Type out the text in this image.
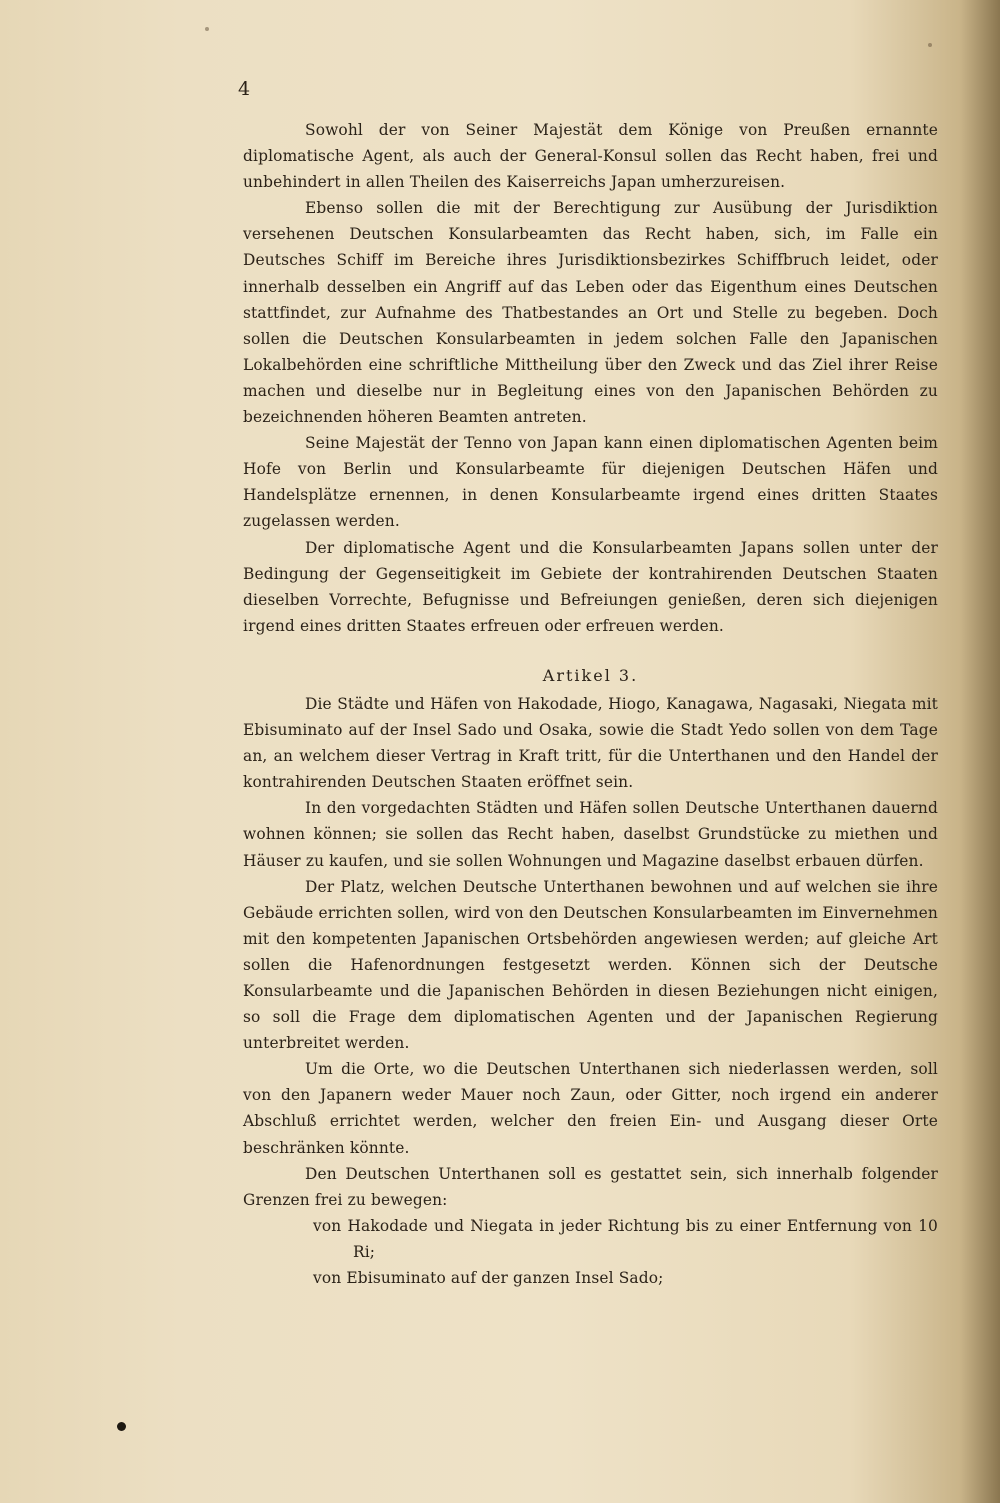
4

Sowohl der von Seiner Majestät dem Könige von Preußen ernannte diplomatische Agent, als auch der General-Konsul sollen das Recht haben, frei und unbehindert in allen Theilen des Kaiserreichs Japan umherzureisen.

Ebenso sollen die mit der Berechtigung zur Ausübung der Jurisdiktion versehenen Deutschen Konsularbeamten das Recht haben, sich, im Falle ein Deutsches Schiff im Bereiche ihres Jurisdiktionsbezirkes Schiffbruch leidet, oder innerhalb desselben ein Angriff auf das Leben oder das Eigenthum eines Deutschen stattfindet, zur Aufnahme des Thatbestandes an Ort und Stelle zu begeben. Doch sollen die Deutschen Konsularbeamten in jedem solchen Falle den Japanischen Lokalbehörden eine schriftliche Mittheilung über den Zweck und das Ziel ihrer Reise machen und dieselbe nur in Begleitung eines von den Japanischen Behörden zu bezeichnenden höheren Beamten antreten.

Seine Majestät der Tenno von Japan kann einen diplomatischen Agenten beim Hofe von Berlin und Konsularbeamte für diejenigen Deutschen Häfen und Handelsplätze ernennen, in denen Konsularbeamte irgend eines dritten Staates zugelassen werden.

Der diplomatische Agent und die Konsularbeamten Japans sollen unter der Bedingung der Gegenseitigkeit im Gebiete der kontrahirenden Deutschen Staaten dieselben Vorrechte, Befugnisse und Befreiungen genießen, deren sich diejenigen irgend eines dritten Staates erfreuen oder erfreuen werden.

Artikel 3.

Die Städte und Häfen von Hakodade, Hiogo, Kanagawa, Nagasaki, Niegata mit Ebisuminato auf der Insel Sado und Osaka, sowie die Stadt Yedo sollen von dem Tage an, an welchem dieser Vertrag in Kraft tritt, für die Unterthanen und den Handel der kontrahirenden Deutschen Staaten eröffnet sein.

In den vorgedachten Städten und Häfen sollen Deutsche Unterthanen dauernd wohnen können; sie sollen das Recht haben, daselbst Grundstücke zu miethen und Häuser zu kaufen, und sie sollen Wohnungen und Magazine daselbst erbauen dürfen.

Der Platz, welchen Deutsche Unterthanen bewohnen und auf welchen sie ihre Gebäude errichten sollen, wird von den Deutschen Konsularbeamten im Einvernehmen mit den kompetenten Japanischen Ortsbehörden angewiesen werden; auf gleiche Art sollen die Hafenordnungen festgesetzt werden. Können sich der Deutsche Konsularbeamte und die Japanischen Behörden in diesen Beziehungen nicht einigen, so soll die Frage dem diplomatischen Agenten und der Japanischen Regierung unterbreitet werden.

Um die Orte, wo die Deutschen Unterthanen sich niederlassen werden, soll von den Japanern weder Mauer noch Zaun, oder Gitter, noch irgend ein anderer Abschluß errichtet werden, welcher den freien Ein- und Ausgang dieser Orte beschränken könnte.

Den Deutschen Unterthanen soll es gestattet sein, sich innerhalb folgender Grenzen frei zu bewegen:

von Hakodade und Niegata in jeder Richtung bis zu einer Entfernung von 10 Ri;
von Ebisuminato auf der ganzen Insel Sado;
